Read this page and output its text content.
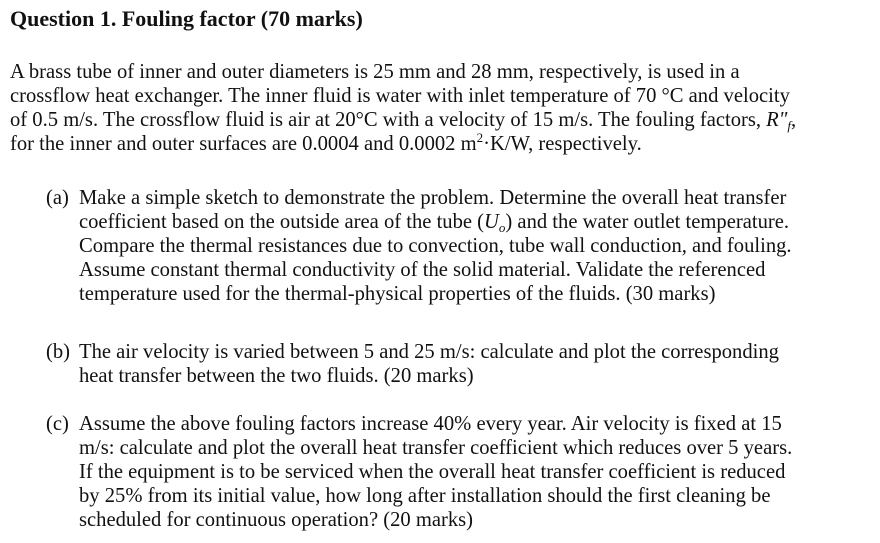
Question 1. Fouling factor (70 marks)
A brass tube of inner and outer diameters is 25 mm and 28 mm, respectively, is used in a
crossflow heat exchanger. The inner fluid is water with inlet temperature of 70 °C and velocity
of 0.5 m/s. The crossflow fluid is air at 20°C with a velocity of 15 m/s. The fouling factors, $R"_f$,
for the inner and outer surfaces are 0.0004 and 0.0002 $m^2\cdot K/W$, respectively.
(a) Make a simple sketch to demonstrate the problem. Determine the overall heat transfer
coefficient based on the outside area of the tube $(U_o)$ and the water outlet temperature.
Compare the thermal resistances due to convection, tube wall conduction, and fouling.
Assume constant thermal conductivity of the solid material. Validate the referenced
temperature used for the thermal-physical properties of the fluids. (30 marks)
(b) The air velocity is varied between 5 and 25 m/s: calculate and plot the corresponding
heat transfer between the two fluids. (20 marks)
(c) Assume the above fouling factors increase 40% every year. Air velocity is fixed at 15
m/s: calculate and plot the overall heat transfer coefficient which reduces over 5 years.
If the equipment is to be serviced when the overall heat transfer coefficient is reduced
by 25% from its initial value, how long after installation should the first cleaning be
scheduled for continuous operation? (20 marks)
